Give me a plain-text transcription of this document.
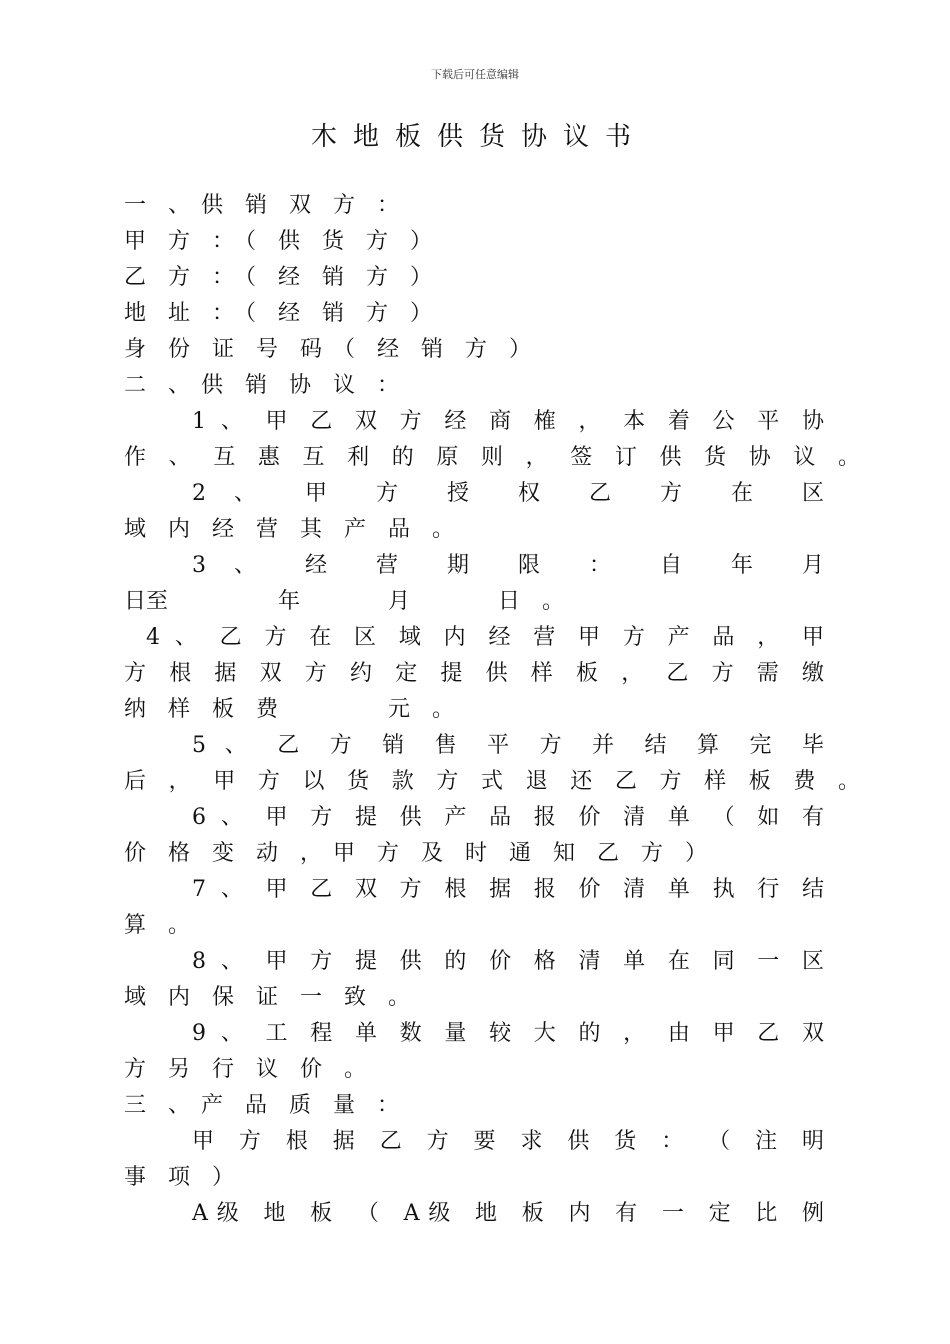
下载后可任意编辑
木地板供货协议书
一　、　供　销　双　方　：
甲　方　：　（　供　货　方　）
乙　方　：　（　经　销　方　）
地　址　：　（　经　销　方　）
身　份　证　号　码　（　经　销　方　）
二　、　供　销　协　议　：
1 、 甲 乙 双 方 经 商 榷 ， 本 着 公 平 协
作 、 互 惠 互 利 的 原 则 ， 签 订 供 货 协 议 。
2 、 甲 方 授 权 乙 方 在 区
域　内　经　营　其　产　品　。
3 、 经 营 期 限 ： 自 年 月
日至　　　　　年　　　　月　　　　日　。
4 、 乙 方 在 区 域 内 经 营 甲 方 产 品 ， 甲
方 根 据 双 方 约 定 提 供 样 板 ， 乙 方 需 缴
纳　样　板　费　　　　　元　。
5 、 乙 方 销 售 平 方 并 结 算 完 毕
后 ， 甲 方 以 货 款 方 式 退 还 乙 方 样 板 费 。
6 、 甲 方 提 供 产 品 报 价 清 单 （ 如 有
价　格　变　动　，　甲　方　及　时　通　知　乙　方　）
7 、 甲 乙 双 方 根 据 报 价 清 单 执 行 结
算　。
8 、 甲 方 提 供 的 价 格 清 单 在 同 一 区
域　内　保　证　一　致　。
9 、 工 程 单 数 量 较 大 的 ， 由 甲 乙 双
方　另　行　议　价　。
三　、　产　品　质　量　：
甲 方 根 据 乙 方 要 求 供 货 ： （ 注 明
事　项　）
A级 地 板 （ A级 地 板 内 有 一 定 比 例
